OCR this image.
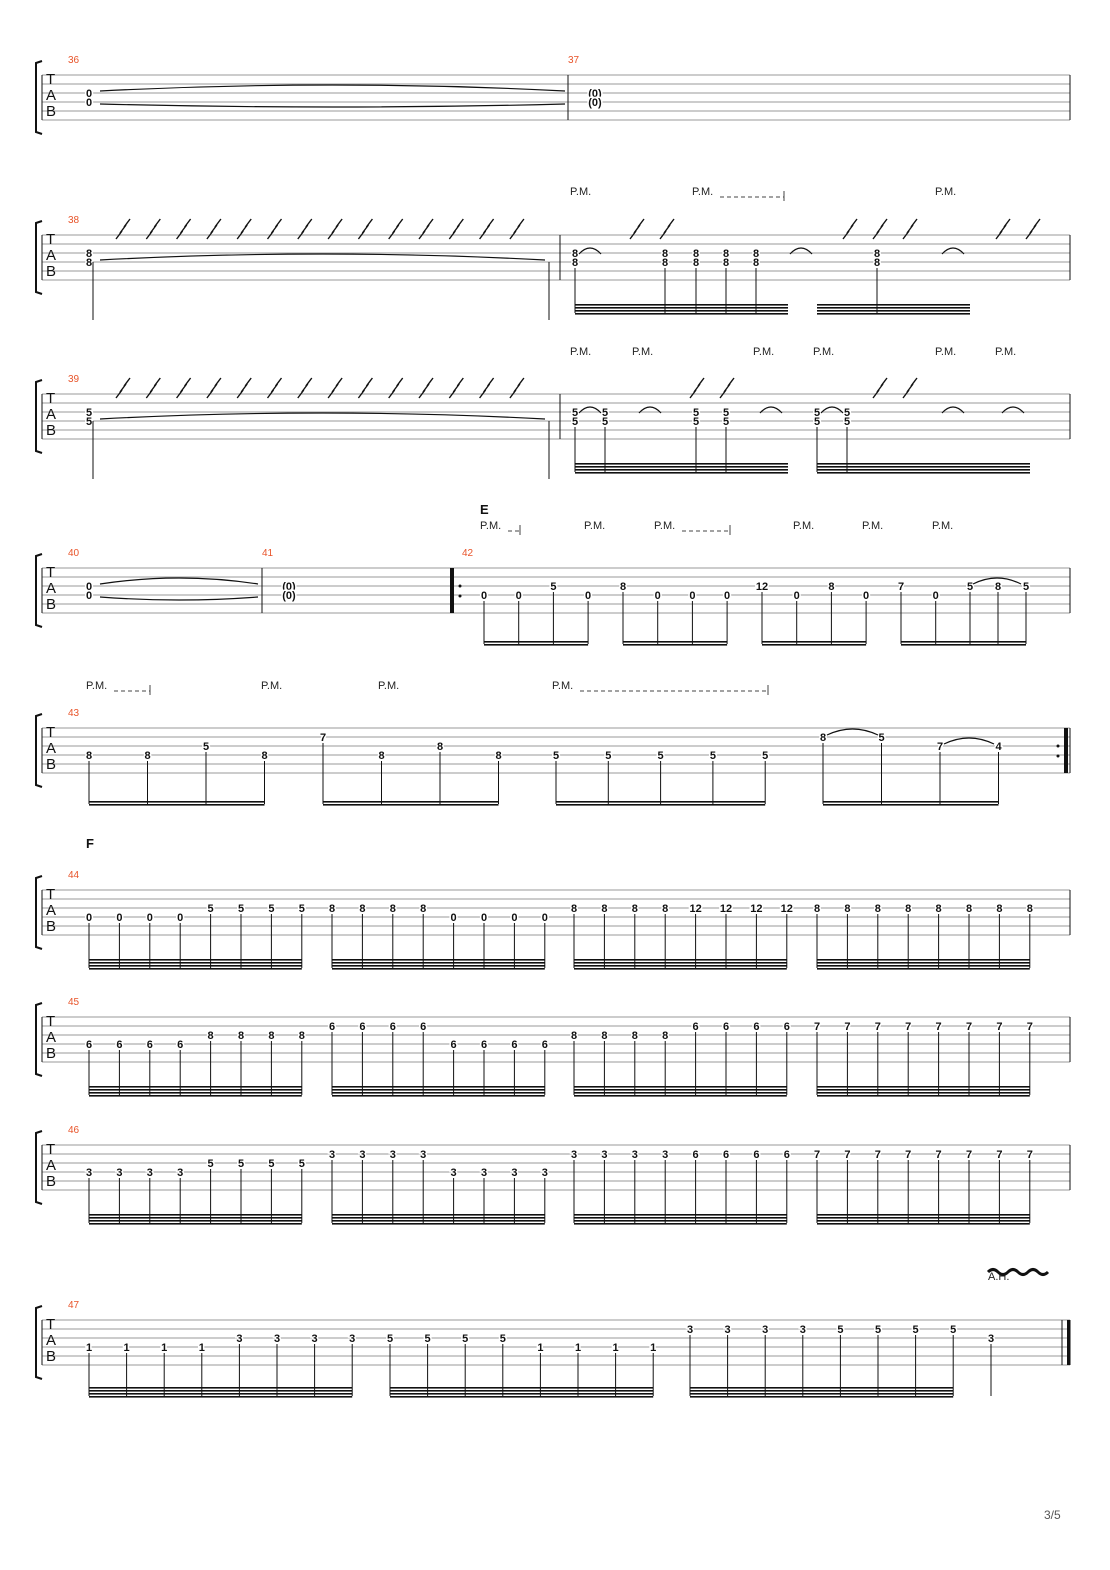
T
A
B
36	37
0
0
(0)
(0)
T
A
B
38
P.M.	P.M.	P.M.
8
8
8
8
8
8
8
8
8
8
8
8
8
8
T
A
B
39
P.M.	P.M.	P.M.	P.M.	P.M.	P.M.
5
5
5
5
5
5
5
5
5
5
5
5
5
5
T
A
B
E
P.M.	P.M.	P.M.	P.M.	P.M.	P.M.
40	41	42
0
0
(0)
(0)	0	0
5
0
8
0	0	0
12
0
8
0
7
0
5 8 5
T
A
B
P.M.	P.M.	P.M.	P.M.
43
8	8
5
8
7
8
8
8	5	5	5	5	5
8	5
7	4
T
A
B
F
44
0 0 0 0
5 5 5 5 8 8 8 8
0 0 0 0
8 8 8 8 12 12 12 12 8 8 8 8 8 8 8 8
T
A
B
45
6 6 6 6
8 8 8 8
6 6 6 6
6 6 6 6
8 8 8 8
6 6 6 6 7 7 7 7 7 7 7 7
T
A
B
46
3 3 3 3
5 5 5 5
3 3 3 3
3 3 3 3
3 3 3 3 6 6 6 6 7 7 7 7 7 7 7 7
T
A
B
47
A.H.
1	1	1	1
3	3	3	3	5	5	5	5
1	1	1	1
3	3	3	3	5	5	5	5
3
3/5
